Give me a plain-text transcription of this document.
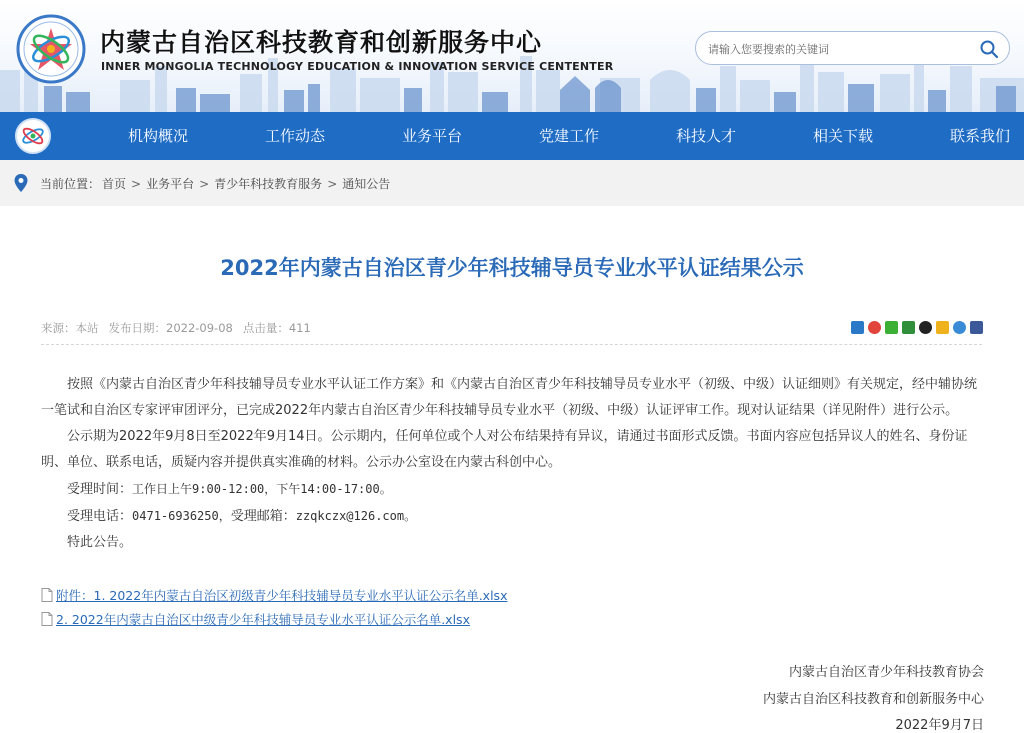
内蒙古自治区科技教育和创新服务中心
INNER MONGOLIA TECHNOLOGY EDUCATION & INNOVATION SERVICE CENTENTER
请输入您要搜索的关键词
机构概况	工作动态	业务平台	党建工作	科技人才	相关下载	联系我们
当前位置： 首页 > 业务平台 > 青少年科技教育服务 > 通知公告
2022年内蒙古自治区青少年科技辅导员专业水平认证结果公示
来源：本站 发布日期：2022-09-08 点击量：411

按照《内蒙古自治区青少年科技辅导员专业水平认证工作方案》和《内蒙古自治区青少年科技辅导员专业水平（初级、中级）认证细则》有关规定，经中辅协统一笔试和自治区专家评审团评分，已完成2022年内蒙古自治区青少年科技辅导员专业水平（初级、中级）认证评审工作。现对认证结果（详见附件）进行公示。

公示期为2022年9月8日至2022年9月14日。公示期内，任何单位或个人对公布结果持有异议，请通过书面形式反馈。书面内容应包括异议人的姓名、身份证明、单位、联系电话，质疑内容并提供真实准确的材料。公示办公室设在内蒙古科创中心。

受理时间：工作日上午9:00-12:00，下午14:00-17:00。

受理电话：0471-6936250，受理邮箱：zzqkczx@126.com。

特此公告。

附件：1. 2022年内蒙古自治区初级青少年科技辅导员专业水平认证公示名单.xlsx
2. 2022年内蒙古自治区中级青少年科技辅导员专业水平认证公示名单.xlsx
内蒙古自治区青少年科技教育协会
内蒙古自治区科技教育和创新服务中心
2022年9月7日
